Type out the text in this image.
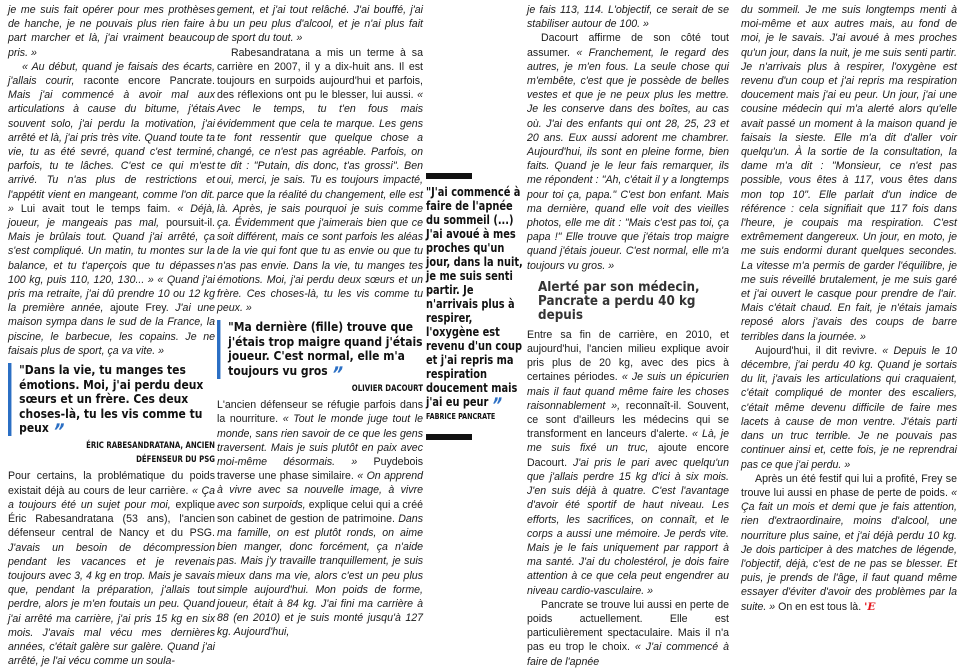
je me suis fait opérer pour mes prothèses de hanche, je ne pouvais plus rien faire à part marcher et là, j'ai vraiment beaucoup pris. »

« Au début, quand je faisais des écarts, j'allais courir, raconte encore Pancrate. Mais j'ai commencé à avoir mal aux articulations à cause du bitume, j'étais souvent solo, j'ai perdu la motivation, j'ai arrêté et là, j'ai pris très vite. Quand toute ta vie, tu as été sevré, quand c'est terminé, parfois, tu te lâches. C'est ce qui m'est arrivé. Tu n'as plus de restrictions et l'appétit vient en mangeant, comme l'on dit. » Lui avait tout le temps faim. « Déjà, joueur, je mangeais pas mal, poursuit-il. Mais je brûlais tout. Quand j'ai arrêté, ça s'est compliqué. Un matin, tu montes sur la balance, et tu t'aperçois que tu dépasses 100 kg, puis 110, 120, 130... » « Quand j'ai pris ma retraite, j'ai dû prendre 10 ou 12 kg la première année, ajoute Frey. J'ai une maison sympa dans le sud de la France, la piscine, le barbecue, les copains. Je ne faisais plus de sport, ça va vite. »

"Dans la vie, tu manges tes émotions. Moi, j'ai perdu deux sœurs et un frère. Ces deux choses-là, tu les vis comme tu peux ”
ÉRIC RABESANDRATANA, ANCIEN DÉFENSEUR DU PSG

Pour certains, la problématique du poids existait déjà au cours de leur carrière. « Ça a toujours été un sujet pour moi, explique Éric Rabesandratana (53 ans), l'ancien défenseur central de Nancy et du PSG. J'avais un besoin de décompression pendant les vacances et je revenais toujours avec 3, 4 kg en trop. Mais je savais que, pendant la préparation, j'allais tout perdre, alors je m'en foutais un peu. Quand j'ai arrêté ma carrière, j'ai pris 15 kg en six mois. J'avais mal vécu mes dernières années, c'était galère sur galère. Quand j'ai arrêté, je l'ai vécu comme un soula-

gement, et j'ai tout relâché. J'ai bouffé, j'ai bu un peu plus d'alcool, et je n'ai plus fait de sport du tout. »

Rabesandratana a mis un terme à sa carrière en 2007, il y a dix-huit ans. Il est toujours en surpoids aujourd'hui et parfois, des réflexions ont pu le blesser, lui aussi. « Avec le temps, tu t'en fous mais évidemment que cela te marque. Les gens te font ressentir que quelque chose a changé, ce n'est pas agréable. Parfois, on te dit : "Putain, dis donc, t'as grossi". Ben oui, merci, je sais. Tu es toujours impacté, parce que la réalité du changement, elle est là. Après, je sais pourquoi je suis comme ça. Évidemment que j'aimerais bien que ce soit différent, mais ce sont parfois les aléas de la vie qui font que tu as envie ou que tu n'as pas envie. Dans la vie, tu manges tes émotions. Moi, j'ai perdu deux sœurs et un frère. Ces choses-là, tu les vis comme tu peux. »

"Ma dernière (fille) trouve que j'étais trop maigre quand j'étais joueur. C'est normal, elle m'a toujours vu gros ”
OLIVIER DACOURT

L'ancien défenseur se réfugie parfois dans la nourriture. « Tout le monde juge tout le monde, sans rien savoir de ce que les gens traversent. Mais je suis plutôt en paix avec moi-même désormais. » Puydebois traverse une phase similaire. « On apprend à vivre avec sa nouvelle image, à vivre avec son surpoids, explique celui qui a créé son cabinet de gestion de patrimoine. Dans ma famille, on est plutôt ronds, on aime bien manger, donc forcément, ça n'aide pas. Mais j'y travaille tranquillement, je suis mieux dans ma vie, alors c'est un peu plus simple aujourd'hui. Mon poids de forme, joueur, était à 84 kg. J'ai fini ma carrière à 88 (en 2010) et je suis monté jusqu'à 127 kg. Aujourd'hui,

"J'ai commencé à faire de l'apnée du sommeil (...) J'ai avoué à mes proches qu'un jour, dans la nuit, je me suis senti partir. Je n'arrivais plus à respirer, l'oxygène est revenu d'un coup et j'ai repris ma respiration doucement mais j'ai eu peur ”
FABRICE PANCRATE

je fais 113, 114. L'objectif, ce serait de se stabiliser autour de 100. »

Dacourt affirme de son côté tout assumer. « Franchement, le regard des autres, je m'en fous. La seule chose qui m'embête, c'est que je possède de belles vestes et que je ne peux plus les mettre. Je les conserve dans des boîtes, au cas où. J'ai des enfants qui ont 28, 25, 23 et 20 ans. Eux aussi adorent me chambrer. Aujourd'hui, ils sont en pleine forme, bien faits. Quand je le leur fais remarquer, ils me répondent : "Ah, c'était il y a longtemps pour toi ça, papa." C'est bon enfant. Mais ma dernière, quand elle voit des vieilles photos, elle me dit : "Mais c'est pas toi, ça papa !" Elle trouve que j'étais trop maigre quand j'étais joueur. C'est normal, elle m'a toujours vu gros. »

Alerté par son médecin, Pancrate a perdu 40 kg depuis

Entre sa fin de carrière, en 2010, et aujourd'hui, l'ancien milieu explique avoir pris plus de 20 kg, avec des pics à certaines périodes. « Je suis un épicurien mais il faut quand même faire les choses raisonnablement », reconnaît-il. Souvent, ce sont d'ailleurs les médecins qui se transforment en lanceurs d'alerte. « Là, je me suis fixé un truc, ajoute encore Dacourt. J'ai pris le pari avec quelqu'un que j'allais perdre 15 kg d'ici à six mois. J'en suis déjà à quatre. C'est l'avantage d'avoir été sportif de haut niveau. Les efforts, les sacrifices, on connaît, et le corps a aussi une mémoire. Je perds vite. Mais je le fais uniquement par rapport à ma santé. J'ai du cholestérol, je dois faire attention à ce que cela peut engendrer au niveau cardio-vasculaire. »

Pancrate se trouve lui aussi en perte de poids actuellement. Elle est particulièrement spectaculaire. Mais il n'a pas eu trop le choix. « J'ai commencé à faire de l'apnée

du sommeil. Je me suis longtemps menti à moi-même et aux autres mais, au fond de moi, je le savais. J'ai avoué à mes proches qu'un jour, dans la nuit, je me suis senti partir. Je n'arrivais plus à respirer, l'oxygène est revenu d'un coup et j'ai repris ma respiration doucement mais j'ai eu peur. Un jour, j'ai une cousine médecin qui m'a alerté alors qu'elle avait passé un moment à la maison quand je faisais la sieste. Elle m'a dit d'aller voir quelqu'un. À la sortie de la consultation, la dame m'a dit : "Monsieur, ce n'est pas possible, vous êtes à 117, vous êtes dans mon top 10". Elle parlait d'un indice de référence : cela signifiait que 117 fois dans l'heure, je coupais ma respiration. C'est extrêmement dangereux. Un jour, en moto, je me suis endormi durant quelques secondes. La vitesse m'a permis de garder l'équilibre, je me suis réveillé brutalement, je me suis garé et j'ai ouvert le casque pour prendre de l'air. Mais c'était chaud. En fait, je n'étais jamais reposé alors j'avais des coups de barre terribles dans la journée. »

Aujourd'hui, il dit revivre. « Depuis le 10 décembre, j'ai perdu 40 kg. Quand je sortais du lit, j'avais les articulations qui craquaient, c'était compliqué de monter des escaliers, c'était même devenu difficile de faire mes lacets à cause de mon ventre. J'étais parti dans un truc terrible. Je ne pouvais pas continuer ainsi et, cette fois, je ne reprendrai pas ce que j'ai perdu. »

Après un été festif qui lui a profité, Frey se trouve lui aussi en phase de perte de poids. « Ça fait un mois et demi que je fais attention, rien d'extraordinaire, moins d'alcool, une nourriture plus saine, et j'ai déjà perdu 10 kg. Je dois participer à des matches de légende, l'objectif, déjà, c'est de ne pas se blesser. Et puis, je prends de l'âge, il faut quand même essayer d'éviter d'avoir des problèmes par la suite. » On en est tous là. 'E
